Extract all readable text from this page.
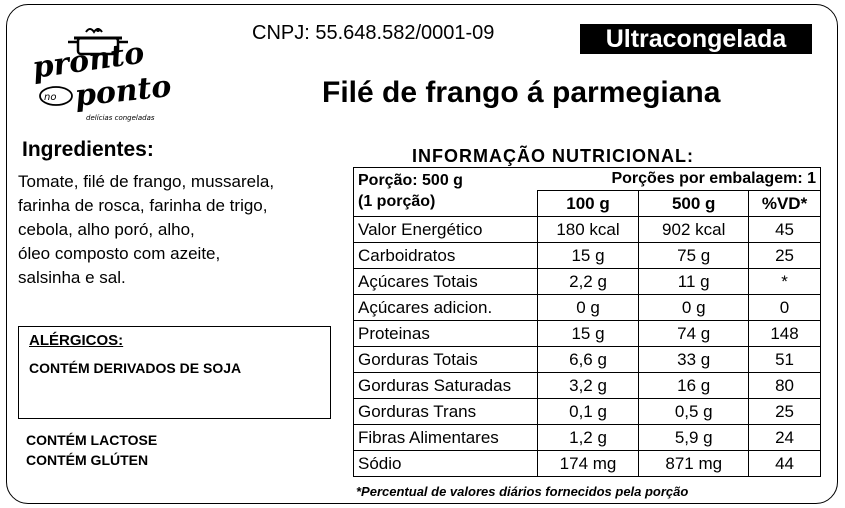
pronto
no ponto
delícias congeladas
CNPJ: 55.648.582/0001-09	Ultracongelada
Filé de frango á parmegiana
Ingredientes:
Tomate, filé de frango, mussarela,
farinha de rosca, farinha de trigo,
cebola, alho poró, alho,
óleo composto com azeite,
salsinha e sal.
ALÉRGICOS:
CONTÉM DERIVADOS DE SOJA
CONTÉM LACTOSE
CONTÉM GLÚTEN
INFORMAÇÃO NUTRICIONAL:
Porção: 500 g
(1 porção)	Porções por embalagem: 1		
	100 g	500 g	%VD*
Valor Energético	180 kcal	902 kcal	45
Carboidratos	15 g	75 g	25
Açúcares Totais	2,2 g	11 g	*
Açúcares adicion.	0 g	0 g	0
Proteinas	15 g	74 g	148
Gorduras Totais	6,6 g	33 g	51
Gorduras Saturadas	3,2 g	16 g	80
Gorduras Trans	0,1 g	0,5 g	25
Fibras Alimentares	1,2 g	5,9 g	24
Sódio	174 mg	871 mg	44
*Percentual de valores diários fornecidos pela porção
